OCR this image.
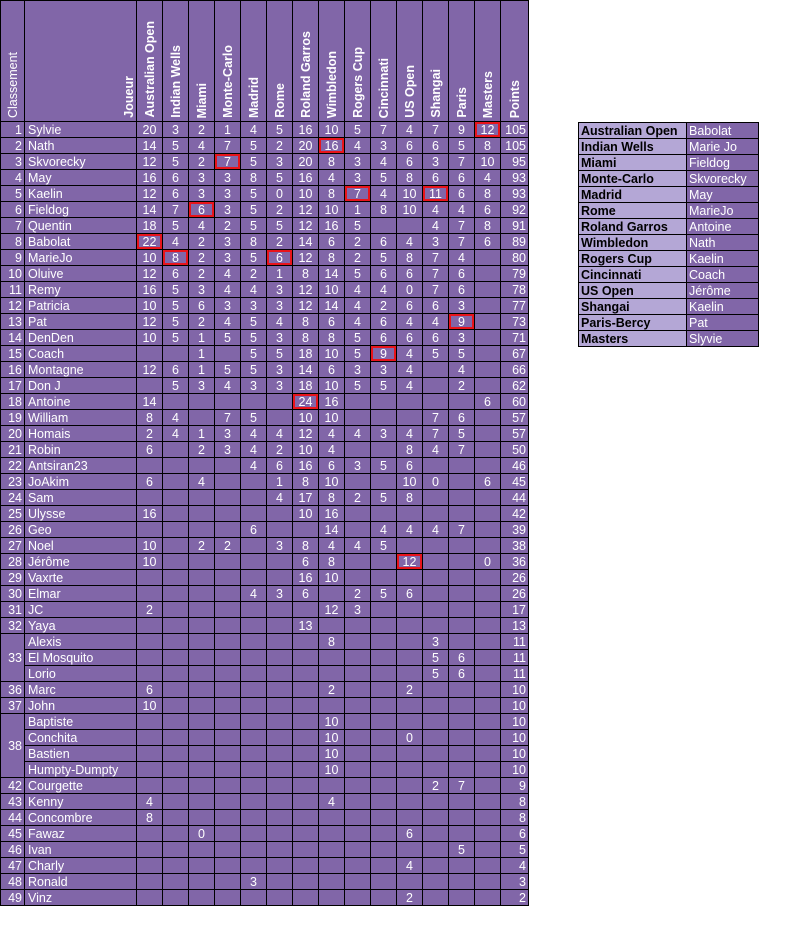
Classement	Joueur	Australian Open	Indian Wells	Miami	Monte-Carlo	Madrid	Rome	Roland Garros	Wimbledon	Rogers Cup	Cincinnati	US Open	Shangai	Paris	Masters	Points
1	Sylvie	20	3	2	1	4	5	16	10	5	7	4	7	9	12	105
2	Nath	14	5	4	7	5	2	20	16	4	3	6	6	5	8	105
3	Skvorecky	12	5	2	7	5	3	20	8	3	4	6	3	7	10	95
4	May	16	6	3	3	8	5	16	4	3	5	8	6	6	4	93
5	Kaelin	12	6	3	3	5	0	10	8	7	4	10	11	6	8	93
6	Fieldog	14	7	6	3	5	2	12	10	1	8	10	4	4	6	92
7	Quentin	18	5	4	2	5	5	12	16	5			4	7	8	91
8	Babolat	22	4	2	3	8	2	14	6	2	6	4	3	7	6	89
9	MarieJo	10	8	2	3	5	6	12	8	2	5	8	7	4		80
10	Oluive	12	6	2	4	2	1	8	14	5	6	6	7	6		79
11	Remy	16	5	3	4	4	3	12	10	4	4	0	7	6		78
12	Patricia	10	5	6	3	3	3	12	14	4	2	6	6	3		77
13	Pat	12	5	2	4	5	4	8	6	4	6	4	4	9		73
14	DenDen	10	5	1	5	5	3	8	8	5	6	6	6	3		71
15	Coach			1		5	5	18	10	5	9	4	5	5		67
16	Montagne	12	6	1	5	5	3	14	6	3	3	4		4		66
17	Don J		5	3	4	3	3	18	10	5	5	4		2		62
18	Antoine	14						24	16						6	60
19	William	8	4		7	5		10	10				7	6		57
20	Homais	2	4	1	3	4	4	12	4	4	3	4	7	5		57
21	Robin	6		2	3	4	2	10	4			8	4	7		50
22	Antsiran23					4	6	16	6	3	5	6				46
23	JoAkim	6		4			1	8	10			10	0		6	45
24	Sam						4	17	8	2	5	8				44
25	Ulysse	16						10	16							42
26	Geo					6			14		4	4	4	7		39
27	Noel	10		2	2		3	8	4	4	5					38
28	Jérôme	10						6	8			12			0	36
29	Vaxrte							16	10							26
30	Elmar					4	3	6		2	5	6				26
31	JC	2							12	3						17
32	Yaya							13								13
33	Alexis								8				3			11
	El Mosquito												5	6		11
	Lorio												5	6		11
36	Marc	6							2			2				10
37	John	10														10
38	Baptiste								10							10
	Conchita								10			0				10
	Bastien								10							10
	Humpty-Dumpty								10							10
42	Courgette												2	7		9
43	Kenny	4							4							8
44	Concombre	8														8
45	Fawaz			0								6				6
46	Ivan													5		5
47	Charly											4				4
48	Ronald					3										3
49	Vinz											2				2
Australian Open	Babolat
Indian Wells	Marie Jo
Miami	Fieldog
Monte-Carlo	Skvorecky
Madrid	May
Rome	MarieJo
Roland Garros	Antoine
Wimbledon	Nath
Rogers Cup	Kaelin
Cincinnati	Coach
US Open	Jérôme
Shangai	Kaelin
Paris-Bercy	Pat
Masters	Slyvie
